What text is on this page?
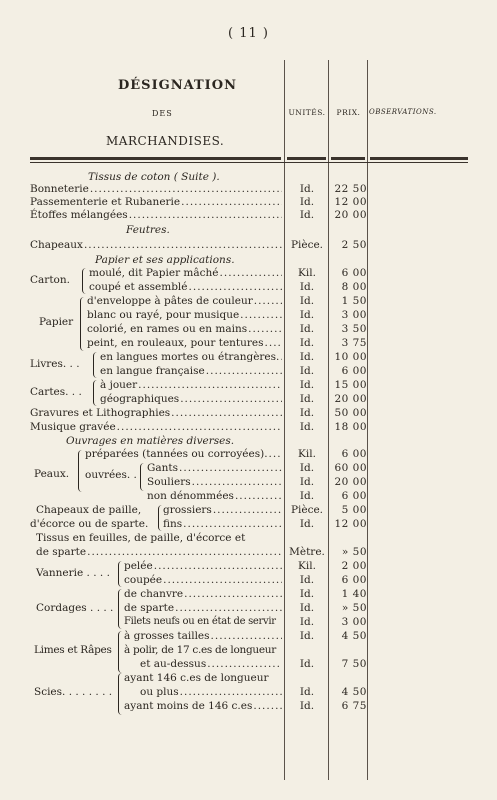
( 11 )
DÉSIGNATION
DES
MARCHANDISES.
UNITÉS.	PRIX.	OBSERVATIONS.
Tissus de coton ( Suite ).
Bonneterie .....	Id.	22 50
Passementerie et Rubanerie .....	Id.	12 00
Étoffes mélangées .....	Id.	20 00
Feutres.
Chapeaux .....	Pièce.	2 50
Papier et ses applications.
Carton.
moulé, dit Papier mâché .....	Kil.	6 00
coupé et assemblé .....	Id.	8 00
Papier
d'enveloppe à pâtes de couleur .....	Id.	1 50
blanc ou rayé, pour musique .....	Id.	3 00
colorié, en rames ou en mains .....	Id.	3 50
peint, en rouleaux, pour tentures .....	Id.	3 75
Livres. . .
en langues mortes ou étrangères. .....	Id.	10 00
en langue française .....	Id.	6 00
Cartes. . .
à jouer .....	Id.	15 00
géographiques .....	Id.	20 00
Gravures et Lithographies .....	Id.	50 00
Musique gravée .....	Id.	18 00
Ouvrages en matières diverses.
Peaux.
préparées (tannées ou corroyées). .....	Kil.	6 00
ouvrées. .
Gants .....	Id.	60 00
Souliers .....	Id.	20 00
non dénommées .....	Id.	6 00
Chapeaux de paille,
d'écorce ou de sparte.
grossiers .....	Pièce.	5 00
fins .....	Id.	12 00
Tissus en feuilles, de paille, d'écorce et
de sparte .....	Mètre.	» 50
Vannerie . . . .
pelée .....	Kil.	2 00
coupée .....	Id.	6 00
Cordages . . . .
de chanvre .....	Id.	1 40
de sparte .....	Id.	» 50
Filets neufs ou en état de servir	Id.	3 00
Limes et Râpes
à grosses tailles .....	Id.	4 50
à polir, de 17 c.es de longueur
et au-dessus .....	Id.	7 50
Scies. . . . . . . .
ayant 146 c.es de longueur
ou plus .....	Id.	4 50
ayant moins de 146 c.es .....	Id.	6 75
